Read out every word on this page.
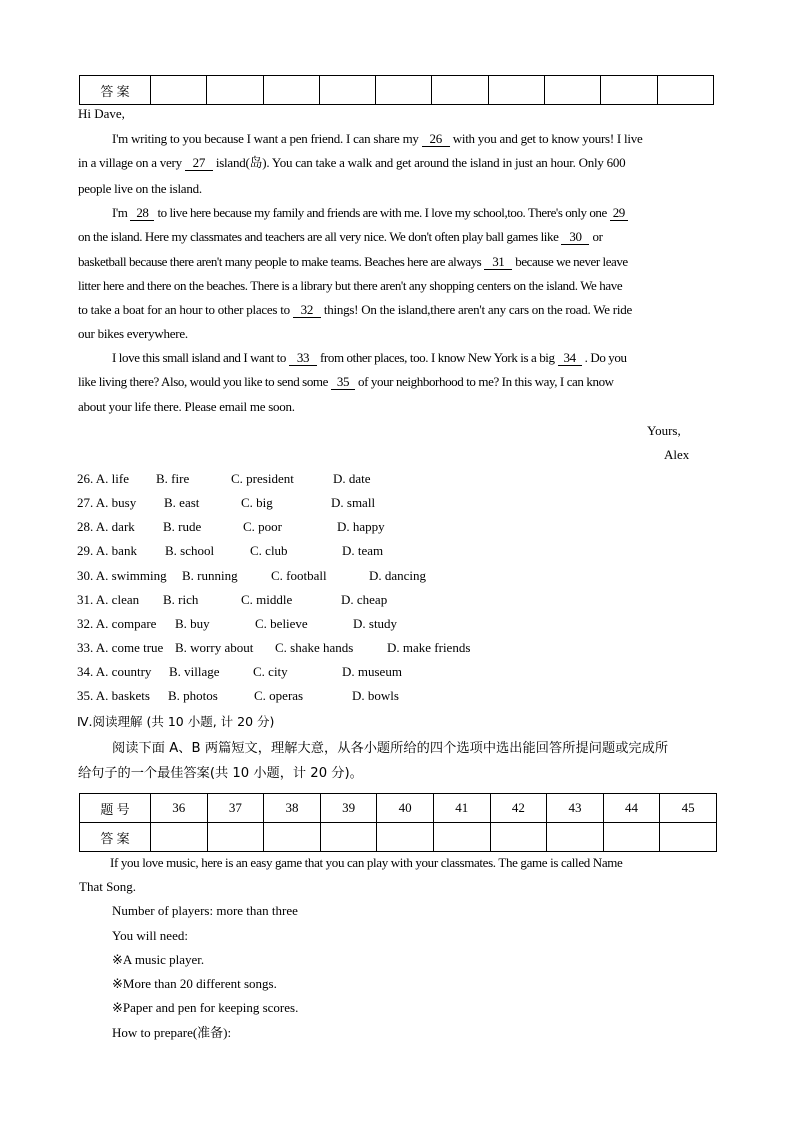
答 案										
Hi Dave,
I'm writing to you because I want a pen friend. I can share my 26 with you and get to know yours! I live
in a village on a very 27 island(岛). You can take a walk and get around the island in just an hour. Only 600
people live on the island.
I'm 28 to live here because my family and friends are with me. I love my school,too. There's only one 29
on the island. Here my classmates and teachers are all very nice. We don't often play ball games like 30 or
basketball because there aren't many people to make teams. Beaches here are always 31 because we never leave
litter here and there on the beaches. There is a library but there aren't any shopping centers on the island. We have
to take a boat for an hour to other places to 32 things! On the island,there aren't any cars on the road. We ride
our bikes everywhere.
I love this small island and I want to 33 from other places, too. I know New York is a big 34 . Do you
like living there? Also, would you like to send some 35 of your neighborhood to me? In this way, I can know
about your life there. Please email me soon.
Yours,
Alex
26. A. life B. fire	C. president	D. date
27. A. busy B. east	C. big	D. small
28. A. dark B. rude	C. poor	D. happy
29. A. bank B. school	C. club	D. team
30. A. swimming B. running	C. football	D. dancing
31. A. clean B. rich	C. middle	D. cheap
32. A. compare B. buy	C. believe	D. study
33. A. come true B. worry about C. shake hands	D. make friends
34. A. country B. village	C. city	D. museum
35. A. baskets B. photos	C. operas	D. bowls
Ⅳ.阅读理解 (共 10 小题, 计 20 分)
阅读下面 A、B 两篇短文，理解大意，从各小题所给的四个选项中选出能回答所提问题或完成所
给句子的一个最佳答案(共 10 小题，计 20 分)。
题 号	36	37	38	39	40	41	42	43	44	45
答 案										
If you love music, here is an easy game that you can play with your classmates. The game is called Name
That Song.
Number of players: more than three
You will need:
※A music player.
※More than 20 different songs.
※Paper and pen for keeping scores.
How to prepare(准备):
